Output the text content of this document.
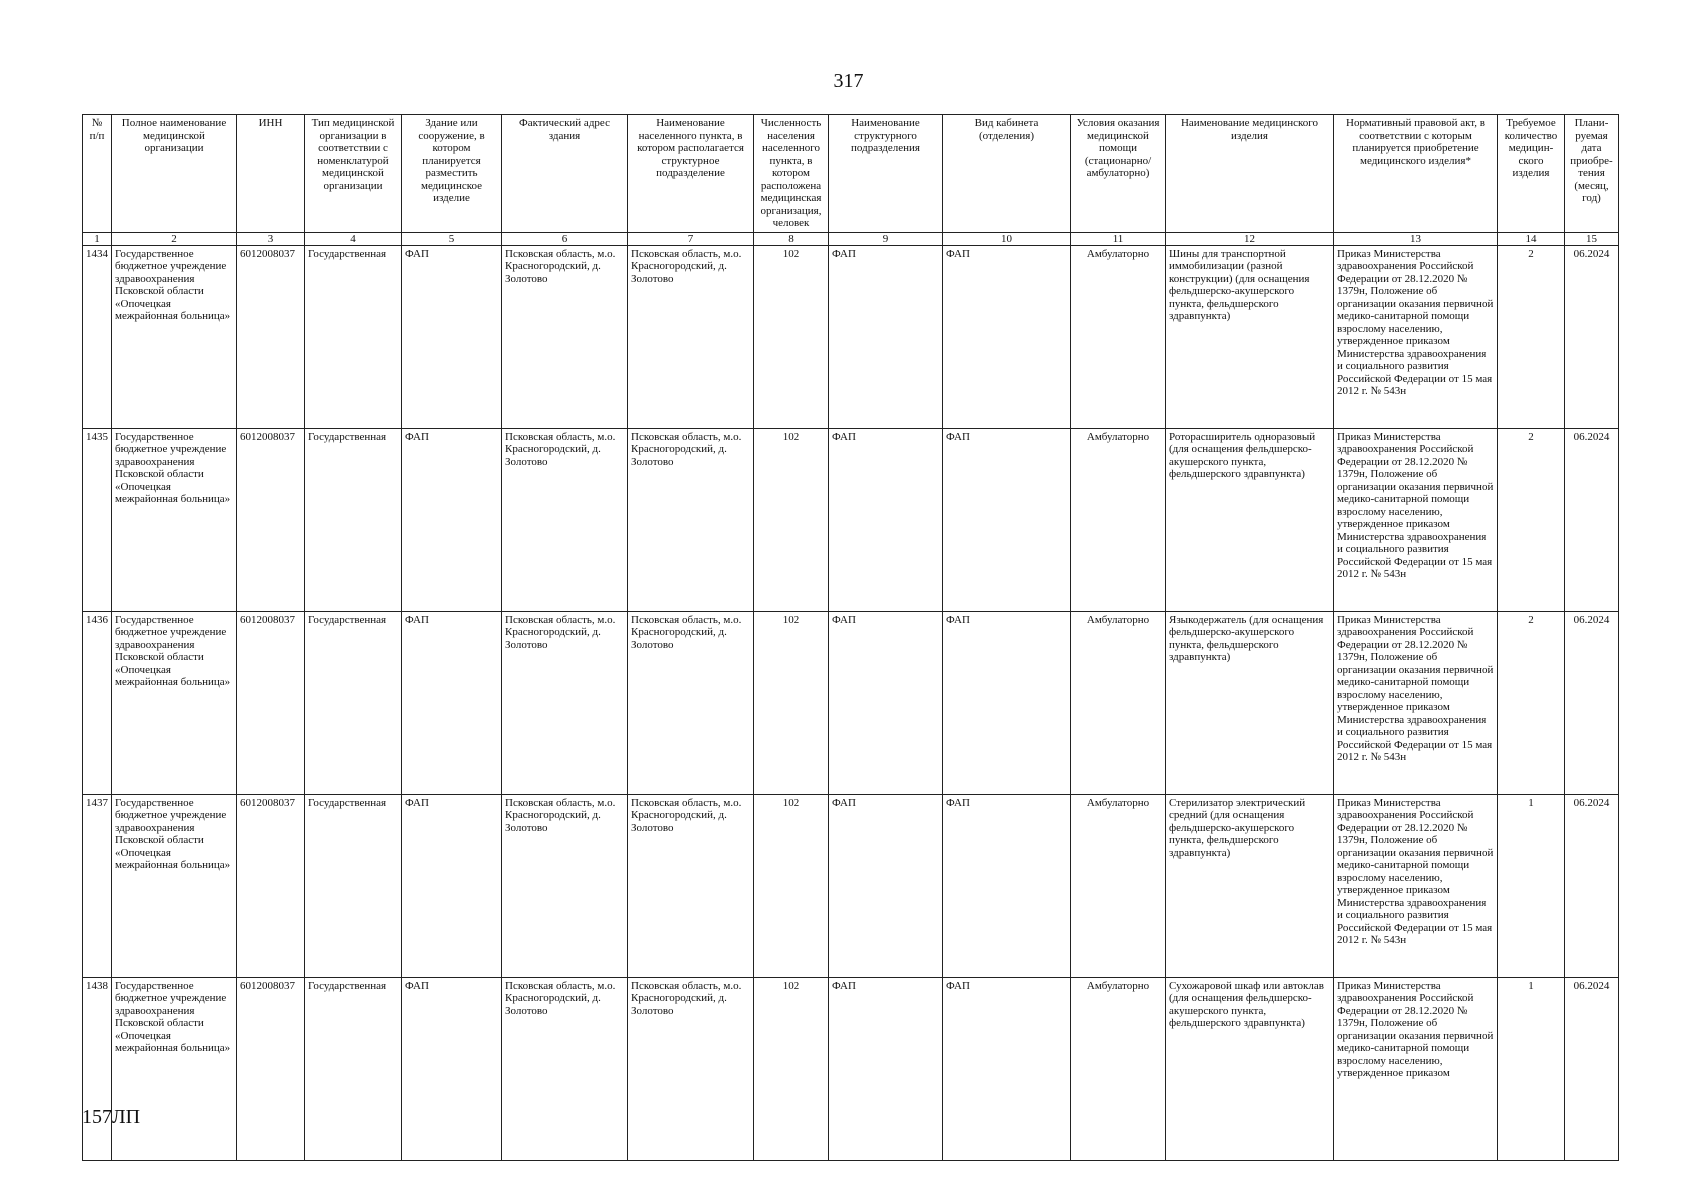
317
№ п/п	Полное наименование медицинской организации	ИНН	Тип медицинской организации в соответствии с номенклатурой медицинской организации	Здание или сооружение, в котором планируется разместить медицинское изделие	Фактический адрес здания	Наименование населенного пункта, в котором располагается структурное подразделение	Численность населения населенного пункта, в котором расположена медицинская организация, человек	Наименование структурного подразделения	Вид кабинета (отделения)	Условия оказания медицинской помощи (стационарно/ амбулаторно)	Наименование медицинского изделия	Нормативный правовой акт, в соответствии с которым планируется приобретение медицинского изделия*	Требуемое количество медицин-ского изделия	Плани-руемая дата приобре-тения (месяц, год)
1	2	3	4	5	6	7	8	9	10	11	12	13	14	15
1434	Государственное бюджетное учреждение здравоохранения Псковской области «Опочецкая межрайонная больница»	6012008037	Государственная	ФАП	Псковская область, м.о. Красногородский, д. Золотово	Псковская область, м.о. Красногородский, д. Золотово	102	ФАП	ФАП	Амбулаторно	Шины для транспортной иммобилизации (разной конструкции) (для оснащения фельдшерско-акушерского пункта, фельдшерского здравпункта)	Приказ Министерства здравоохранения Российской Федерации от 28.12.2020 № 1379н, Положение об организации оказания первичной медико-санитарной помощи взрослому населению, утвержденное приказом Министерства здравоохранения и социального развития Российской Федерации от 15 мая 2012 г. № 543н	2	06.2024
1435	Государственное бюджетное учреждение здравоохранения Псковской области «Опочецкая межрайонная больница»	6012008037	Государственная	ФАП	Псковская область, м.о. Красногородский, д. Золотово	Псковская область, м.о. Красногородский, д. Золотово	102	ФАП	ФАП	Амбулаторно	Роторасширитель одноразовый (для оснащения фельдшерско-акушерского пункта, фельдшерского здравпункта)	Приказ Министерства здравоохранения Российской Федерации от 28.12.2020 № 1379н, Положение об организации оказания первичной медико-санитарной помощи взрослому населению, утвержденное приказом Министерства здравоохранения и социального развития Российской Федерации от 15 мая 2012 г. № 543н	2	06.2024
1436	Государственное бюджетное учреждение здравоохранения Псковской области «Опочецкая межрайонная больница»	6012008037	Государственная	ФАП	Псковская область, м.о. Красногородский, д. Золотово	Псковская область, м.о. Красногородский, д. Золотово	102	ФАП	ФАП	Амбулаторно	Языкодержатель (для оснащения фельдшерско-акушерского пункта, фельдшерского здравпункта)	Приказ Министерства здравоохранения Российской Федерации от 28.12.2020 № 1379н, Положение об организации оказания первичной медико-санитарной помощи взрослому населению, утвержденное приказом Министерства здравоохранения и социального развития Российской Федерации от 15 мая 2012 г. № 543н	2	06.2024
1437	Государственное бюджетное учреждение здравоохранения Псковской области «Опочецкая межрайонная больница»	6012008037	Государственная	ФАП	Псковская область, м.о. Красногородский, д. Золотово	Псковская область, м.о. Красногородский, д. Золотово	102	ФАП	ФАП	Амбулаторно	Стерилизатор электрический средний (для оснащения фельдшерско-акушерского пункта, фельдшерского здравпункта)	Приказ Министерства здравоохранения Российской Федерации от 28.12.2020 № 1379н, Положение об организации оказания первичной медико-санитарной помощи взрослому населению, утвержденное приказом Министерства здравоохранения и социального развития Российской Федерации от 15 мая 2012 г. № 543н	1	06.2024
1438	Государственное бюджетное учреждение здравоохранения Псковской области «Опочецкая межрайонная больница»	6012008037	Государственная	ФАП	Псковская область, м.о. Красногородский, д. Золотово	Псковская область, м.о. Красногородский, д. Золотово	102	ФАП	ФАП	Амбулаторно	Сухожаровой шкаф или автоклав (для оснащения фельдшерско-акушерского пункта, фельдшерского здравпункта)	Приказ Министерства здравоохранения Российской Федерации от 28.12.2020 № 1379н, Положение об организации оказания первичной медико-санитарной помощи взрослому населению, утвержденное приказом	1	06.2024
157ЛП
